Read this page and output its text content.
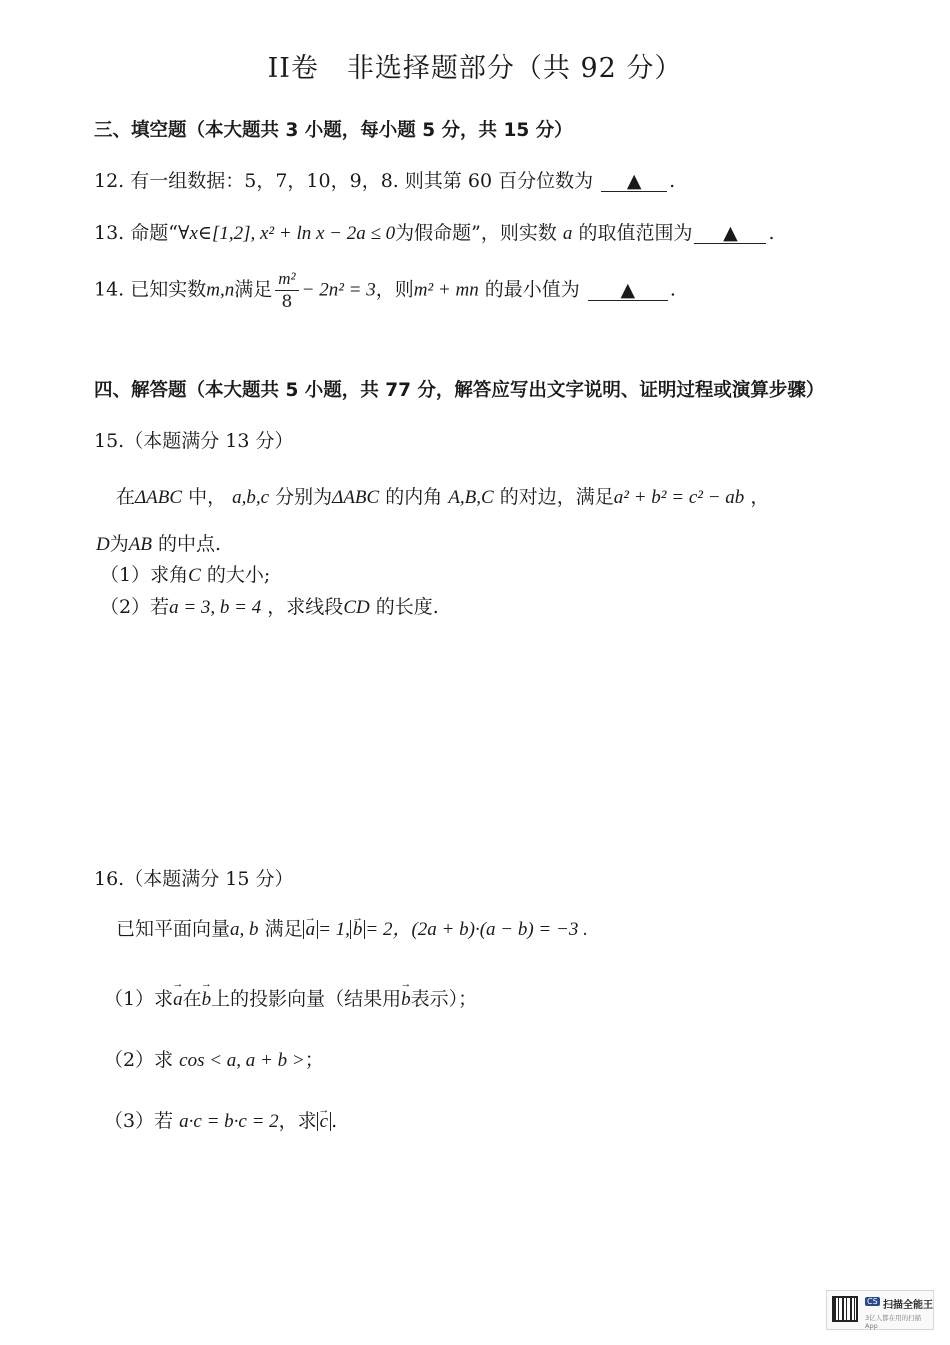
II卷　非选择题部分（共 92 分）
三、填空题（本大题共 3 小题，每小题 5 分，共 15 分）
12. 有一组数据：5，7，10，9，8. 则其第 60 百分位数为 ▲ .
13. 命题“∀x∈[1,2], x² + ln x − 2a ≤ 0为假命题”，则实数 a 的取值范围为 ▲ .
14. 已知实数m,n满足 $\frac{\text{m²}}{8} - 2n^2 = 3$，则m² + mn 的最小值为 ▲ .
四、解答题（本大题共 5 小题，共 77 分，解答应写出文字说明、证明过程或演算步骤）
15.（本题满分 13 分）
在ΔABC 中， a,b,c 分别为ΔABC 的内角 A,B,C 的对边，满足a² + b² = c² − ab ，
D为AB 的中点.
（1）求角C 的大小;
（2）若a = 3, b = 4 ，求线段CD 的长度.
16.（本题满分 15 分）
已知平面向量a, b 满足 → a = 1, → b = 2，(2a + b)·(a − b) = −3 .
（1）求→ a在→ b上的投影向量（结果用→ b表示）；
（2）求 cos < a, a + b >；
（3）若 a·c = b·c = 2，求 → c .
CS 扫描全能王
3亿人都在用的扫描App
